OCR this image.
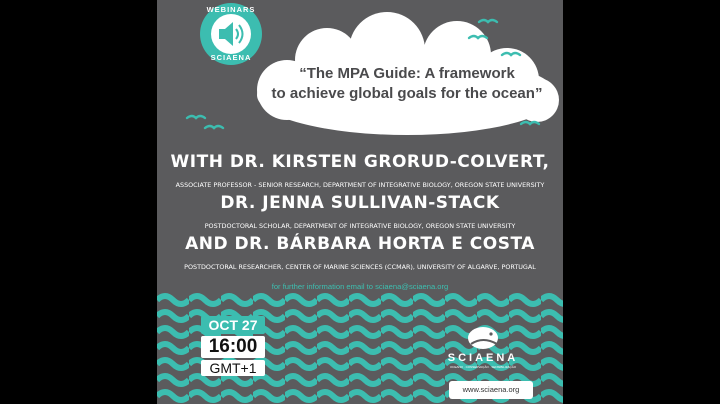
WEBINARS
SCIAENA
“The MPA Guide: A framework
to achieve global goals for the ocean”
WITH DR. KIRSTEN GRORUD-COLVERT,
ASSOCIATE PROFESSOR - SENIOR RESEARCH, DEPARTMENT OF INTEGRATIVE BIOLOGY, OREGON STATE UNIVERSITY
DR. JENNA SULLIVAN-STACK
POSTDOCTORAL SCHOLAR, DEPARTMENT OF INTEGRATIVE BIOLOGY, OREGON STATE UNIVERSITY
AND DR. BÁRBARA HORTA E COSTA
POSTDOCTORAL RESEARCHER, CENTER OF MARINE SCIENCES (CCMAR), UNIVERSITY OF ALGARVE, PORTUGAL
for further information email to sciaena@sciaena.org
OCT 27
16:00
GMT+1
SCIAENA
OCEANO · CONSERVAÇÃO · SENSIBILIZAÇÃO
www.sciaena.org
